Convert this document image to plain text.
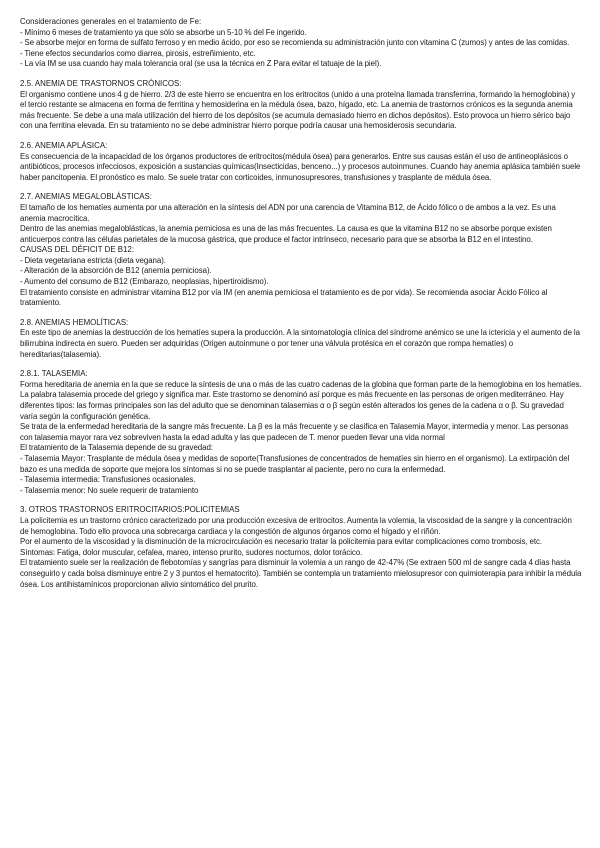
Consideraciones generales en el tratamiento de Fe:

- Mínimo 6 meses de tratamiento ya que sólo se absorbe un 5-10 % del Fe ingerido.

- Se absorbe mejor en forma de sulfato ferroso y en medio ácido, por eso se recomienda su administración junto con vitamina C (zumos) y antes de las comidas.

- Tiene efectos secundarios como diarrea, pirosis, estreñimiento, etc.

- La vía IM se usa cuando hay mala tolerancia oral (se usa la técnica en Z Para evitar el tatuaje de la piel).

2.5. ANEMIA DE TRASTORNOS CRÓNICOS:

El organismo contiene unos 4 g de hierro. 2/3 de este hierro se encuentra en los eritrocitos (unido a una proteína llamada transferrina, formando la hemoglobina) y el tercio restante se almacena en forma de ferritina y hemosiderina en la médula ósea, bazo, hígado, etc. La anemia de trastornos crónicos es la segunda anemia más frecuente. Se debe a una mala utilización del hierro de los depósitos (se acumula demasiado hierro en dichos depósitos). Esto provoca un hierro sérico bajo con una ferritina elevada. En su tratamiento no se debe administrar hierro porque podría causar una hemosiderosis secundaria.

2.6. ANEMIA APLÁSICA:

Es consecuencia de la incapacidad de los órganos productores de eritrocitos(médula ósea) para generarlos. Entre sus causas están el uso de antineoplásicos o antibióticos, procesos infecciosos, exposición a sustancias químicas(Insecticidas, benceno...) y procesos autoinmunes. Cuando hay anemia aplásica también suele haber pancitopenia. El pronóstico es malo. Se suele tratar con corticoides, inmunosupresores, transfusiones y trasplante de médula ósea.

2.7. ANEMIAS MEGALOBLÁSTICAS:

El tamaño de los hematíes aumenta por una alteración en la síntesis del ADN por una carencia de Vitamina B12, de Ácido fólico o de ambos a la vez. Es una anemia macrocítica.

Dentro de las anemias megaloblásticas, la anemia perniciosa es una de las más frecuentes. La causa es que la vitamina B12 no se absorbe porque existen anticuerpos contra las células parietales de la mucosa gástrica, que produce el factor intrínseco, necesario para que se absorba la B12 en el intestino.

CAUSAS DEL DÉFICIT DE B12:

- Dieta vegetariana estricta (dieta vegana).

- Alteración de la absorción de B12 (anemia perniciosa).

- Aumento del consumo de B12 (Embarazo, neoplasias, hipertiroidismo).

El tratamiento consiste en administrar vitamina B12 por vía IM (en anemia perniciosa el tratamiento es de por vida). Se recomienda asociar Ácido Fólico al tratamiento.

2.8. ANEMIAS HEMOLÍTICAS:

En este tipo de anemias la destrucción de los hematíes supera la producción. A la sintomatología clínica del síndrome anémico se une la ictericia y el aumento de la bilirrubina indirecta en suero. Pueden ser adquiridas (Origen autoinmune o por tener una válvula protésica en el corazón que rompa hematíes) o hereditarias(talasemia).

2.8.1. TALASEMIA:

Forma hereditaria de anemia en la que se reduce la síntesis de una o más de las cuatro cadenas de la globina que forman parte de la hemoglobina en los hematíes. La palabra talasemia procede del griego y significa mar. Este trastorno se denominó así porque es más frecuente en las personas de origen mediterráneo. Hay diferentes tipos: las formas principales son las del adulto que se denominan talasemias α o β según estén alterados los genes de la cadena α o β. Su gravedad varía según la configuración genética.

Se trata de la enfermedad hereditaria de la sangre más frecuente. La β es la más frecuente y se clasifica en Talasemia Mayor, intermedia y menor. Las personas con talasemia mayor rara vez sobreviven hasta la edad adulta y las que padecen de T. menor pueden llevar una vida normal

El tratamiento de la Talasemia depende de su gravedad:

- Talasemia Mayor: Trasplante de médula ósea y medidas de soporte(Transfusiones de concentrados de hematíes sin hierro en el organismo). La extirpación del bazo es una medida de soporte que mejora los síntomas si no se puede trasplantar al paciente, pero no cura la enfermedad.

- Talasemia intermedia: Transfusiones ocasionales.

- Talasemia menor: No suele requerir de tratamiento

3. OTROS TRASTORNOS ERITROCITARIOS:POLICITEMIAS

La policitemia es un trastorno crónico caracterizado por una producción excesiva de eritrocitos. Aumenta la volemia, la viscosidad de la sangre y la concentración de hemoglobina. Todo ello provoca una sobrecarga cardiaca y la congestión de algunos órganos como el hígado y el riñón.

Por el aumento de la viscosidad y la disminución de la microcirculación es necesario tratar la policitemia para evitar complicaciones como trombosis, etc.

Síntomas: Fatiga, dolor muscular, cefalea, mareo, intenso prurito, sudores nocturnos, dolor torácico.

El tratamiento suele ser la realización de flebotomías y sangrías para disminuir la volemia a un rango de 42-47% (Se extraen 500 ml de sangre cada 4 días hasta conseguirlo y cada bolsa disminuye entre 2 y 3 puntos el hematocrito). También se contempla un tratamiento mielosupresor con quimioterapia para inhibir la médula ósea. Los antihistamínicos proporcionan alivio sintomático del prurito.
